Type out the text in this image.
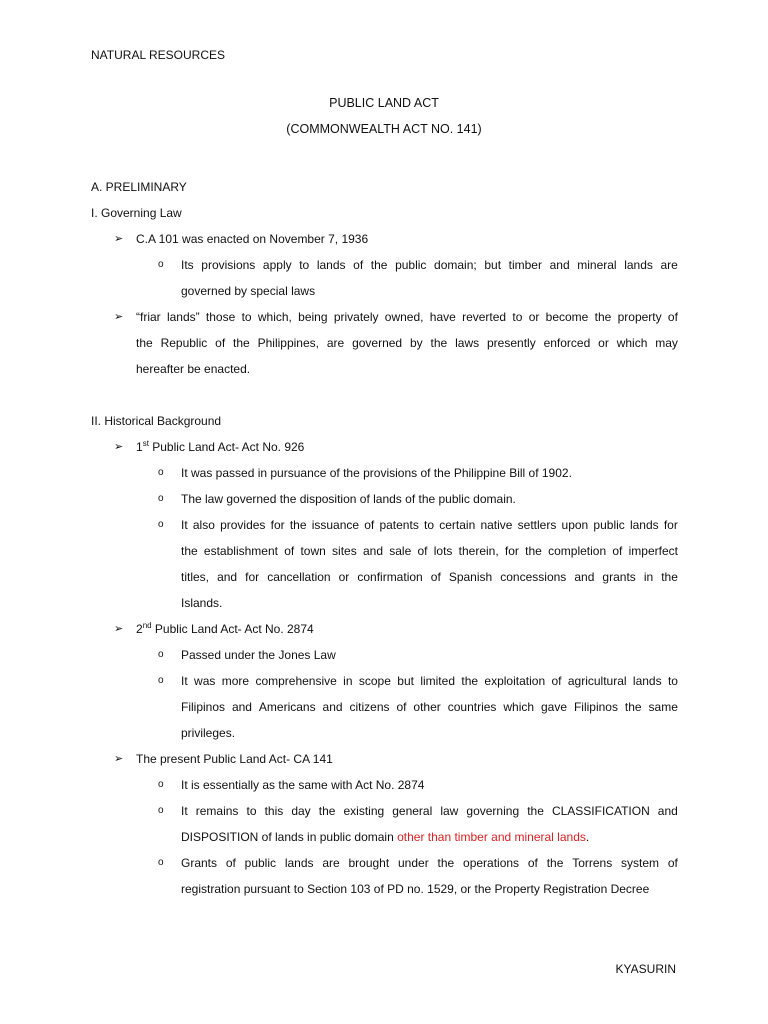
NATURAL RESOURCES
PUBLIC LAND ACT
(COMMONWEALTH ACT NO. 141)
A. PRELIMINARY
I. Governing Law
➢ C.A 101 was enacted on November 7, 1936
o Its provisions apply to lands of the public domain; but timber and mineral lands are
governed by special laws
➢ “friar lands” those to which, being privately owned, have reverted to or become the property of
the Republic of the Philippines, are governed by the laws presently enforced or which may
hereafter be enacted.
II. Historical Background
➢ 1st Public Land Act- Act No. 926
o It was passed in pursuance of the provisions of the Philippine Bill of 1902.
o The law governed the disposition of lands of the public domain.
o It also provides for the issuance of patents to certain native settlers upon public lands for
the establishment of town sites and sale of lots therein, for the completion of imperfect
titles, and for cancellation or confirmation of Spanish concessions and grants in the
Islands.
➢ 2nd Public Land Act- Act No. 2874
o Passed under the Jones Law
o It was more comprehensive in scope but limited the exploitation of agricultural lands to
Filipinos and Americans and citizens of other countries which gave Filipinos the same
privileges.
➢ The present Public Land Act- CA 141
o It is essentially as the same with Act No. 2874
o It remains to this day the existing general law governing the CLASSIFICATION and
DISPOSITION of lands in public domain other than timber and mineral lands.
o Grants of public lands are brought under the operations of the Torrens system of
registration pursuant to Section 103 of PD no. 1529, or the Property Registration Decree
KYASURIN
